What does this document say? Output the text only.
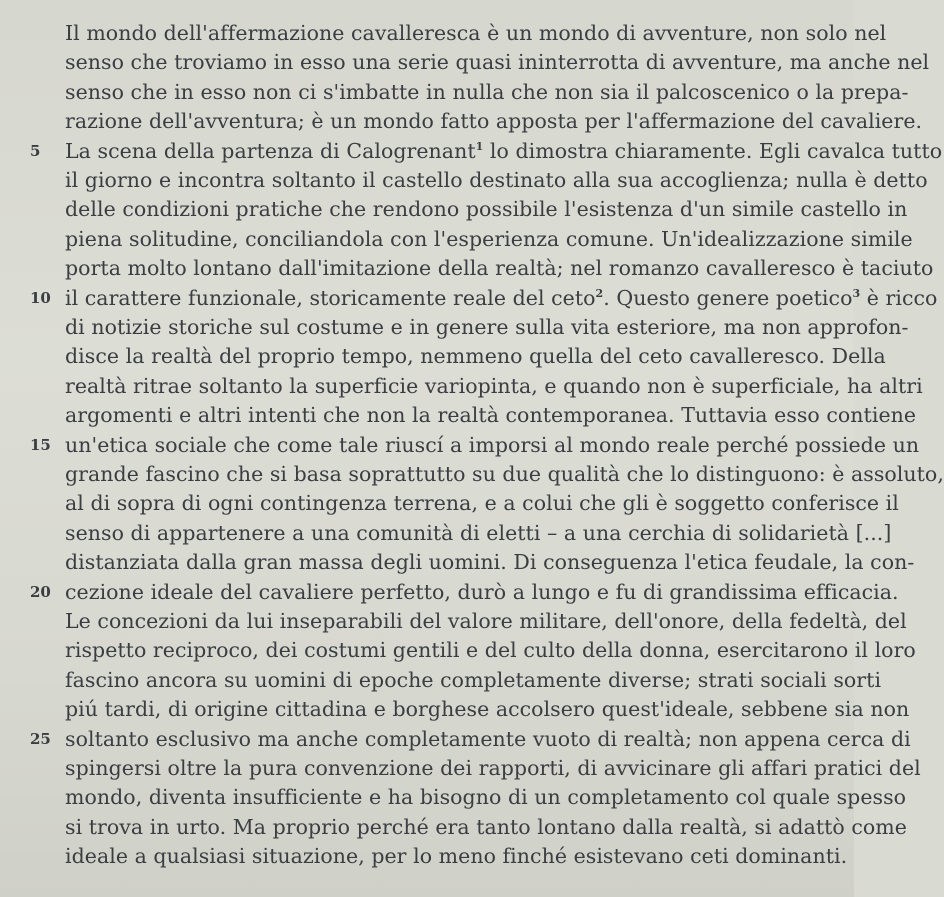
Il mondo dell'affermazione cavalleresca è un mondo di avventure, non solo nel
senso che troviamo in esso una serie quasi ininterrotta di avventure, ma anche nel
senso che in esso non ci s'imbatte in nulla che non sia il palcoscenico o la prepa-
razione dell'avventura; è un mondo fatto apposta per l'affermazione del cavaliere.
5	La scena della partenza di Calogrenant$^1$ lo dimostra chiaramente. Egli cavalca tutto
il giorno e incontra soltanto il castello destinato alla sua accoglienza; nulla è detto
delle condizioni pratiche che rendono possibile l'esistenza d'un simile castello in
piena solitudine, conciliandola con l'esperienza comune. Un'idealizzazione simile
porta molto lontano dall'imitazione della realtà; nel romanzo cavalleresco è taciuto
10 il carattere funzionale, storicamente reale del ceto$^2$. Questo genere poetico$^3$ è ricco
di notizie storiche sul costume e in genere sulla vita esteriore, ma non approfon-
disce la realtà del proprio tempo, nemmeno quella del ceto cavalleresco. Della
realtà ritrae soltanto la superficie variopinta, e quando non è superficiale, ha altri
argomenti e altri intenti che non la realtà contemporanea. Tuttavia esso contiene
15 un'etica sociale che come tale riuscí a imporsi al mondo reale perché possiede un
grande fascino che si basa soprattutto su due qualità che lo distinguono: è assoluto,
al di sopra di ogni contingenza terrena, e a colui che gli è soggetto conferisce il
senso di appartenere a una comunità di eletti – a una cerchia di solidarietà [...]
distanziata dalla gran massa degli uomini. Di conseguenza l'etica feudale, la con-
20 cezione ideale del cavaliere perfetto, durò a lungo e fu di grandissima efficacia.
Le concezioni da lui inseparabili del valore militare, dell'onore, della fedeltà, del
rispetto reciproco, dei costumi gentili e del culto della donna, esercitarono il loro
fascino ancora su uomini di epoche completamente diverse; strati sociali sorti
piú tardi, di origine cittadina e borghese accolsero quest'ideale, sebbene sia non
25 soltanto esclusivo ma anche completamente vuoto di realtà; non appena cerca di
spingersi oltre la pura convenzione dei rapporti, di avvicinare gli affari pratici del
mondo, diventa insufficiente e ha bisogno di un completamento col quale spesso
si trova in urto. Ma proprio perché era tanto lontano dalla realtà, si adattò come
ideale a qualsiasi situazione, per lo meno finché esistevano ceti dominanti.
